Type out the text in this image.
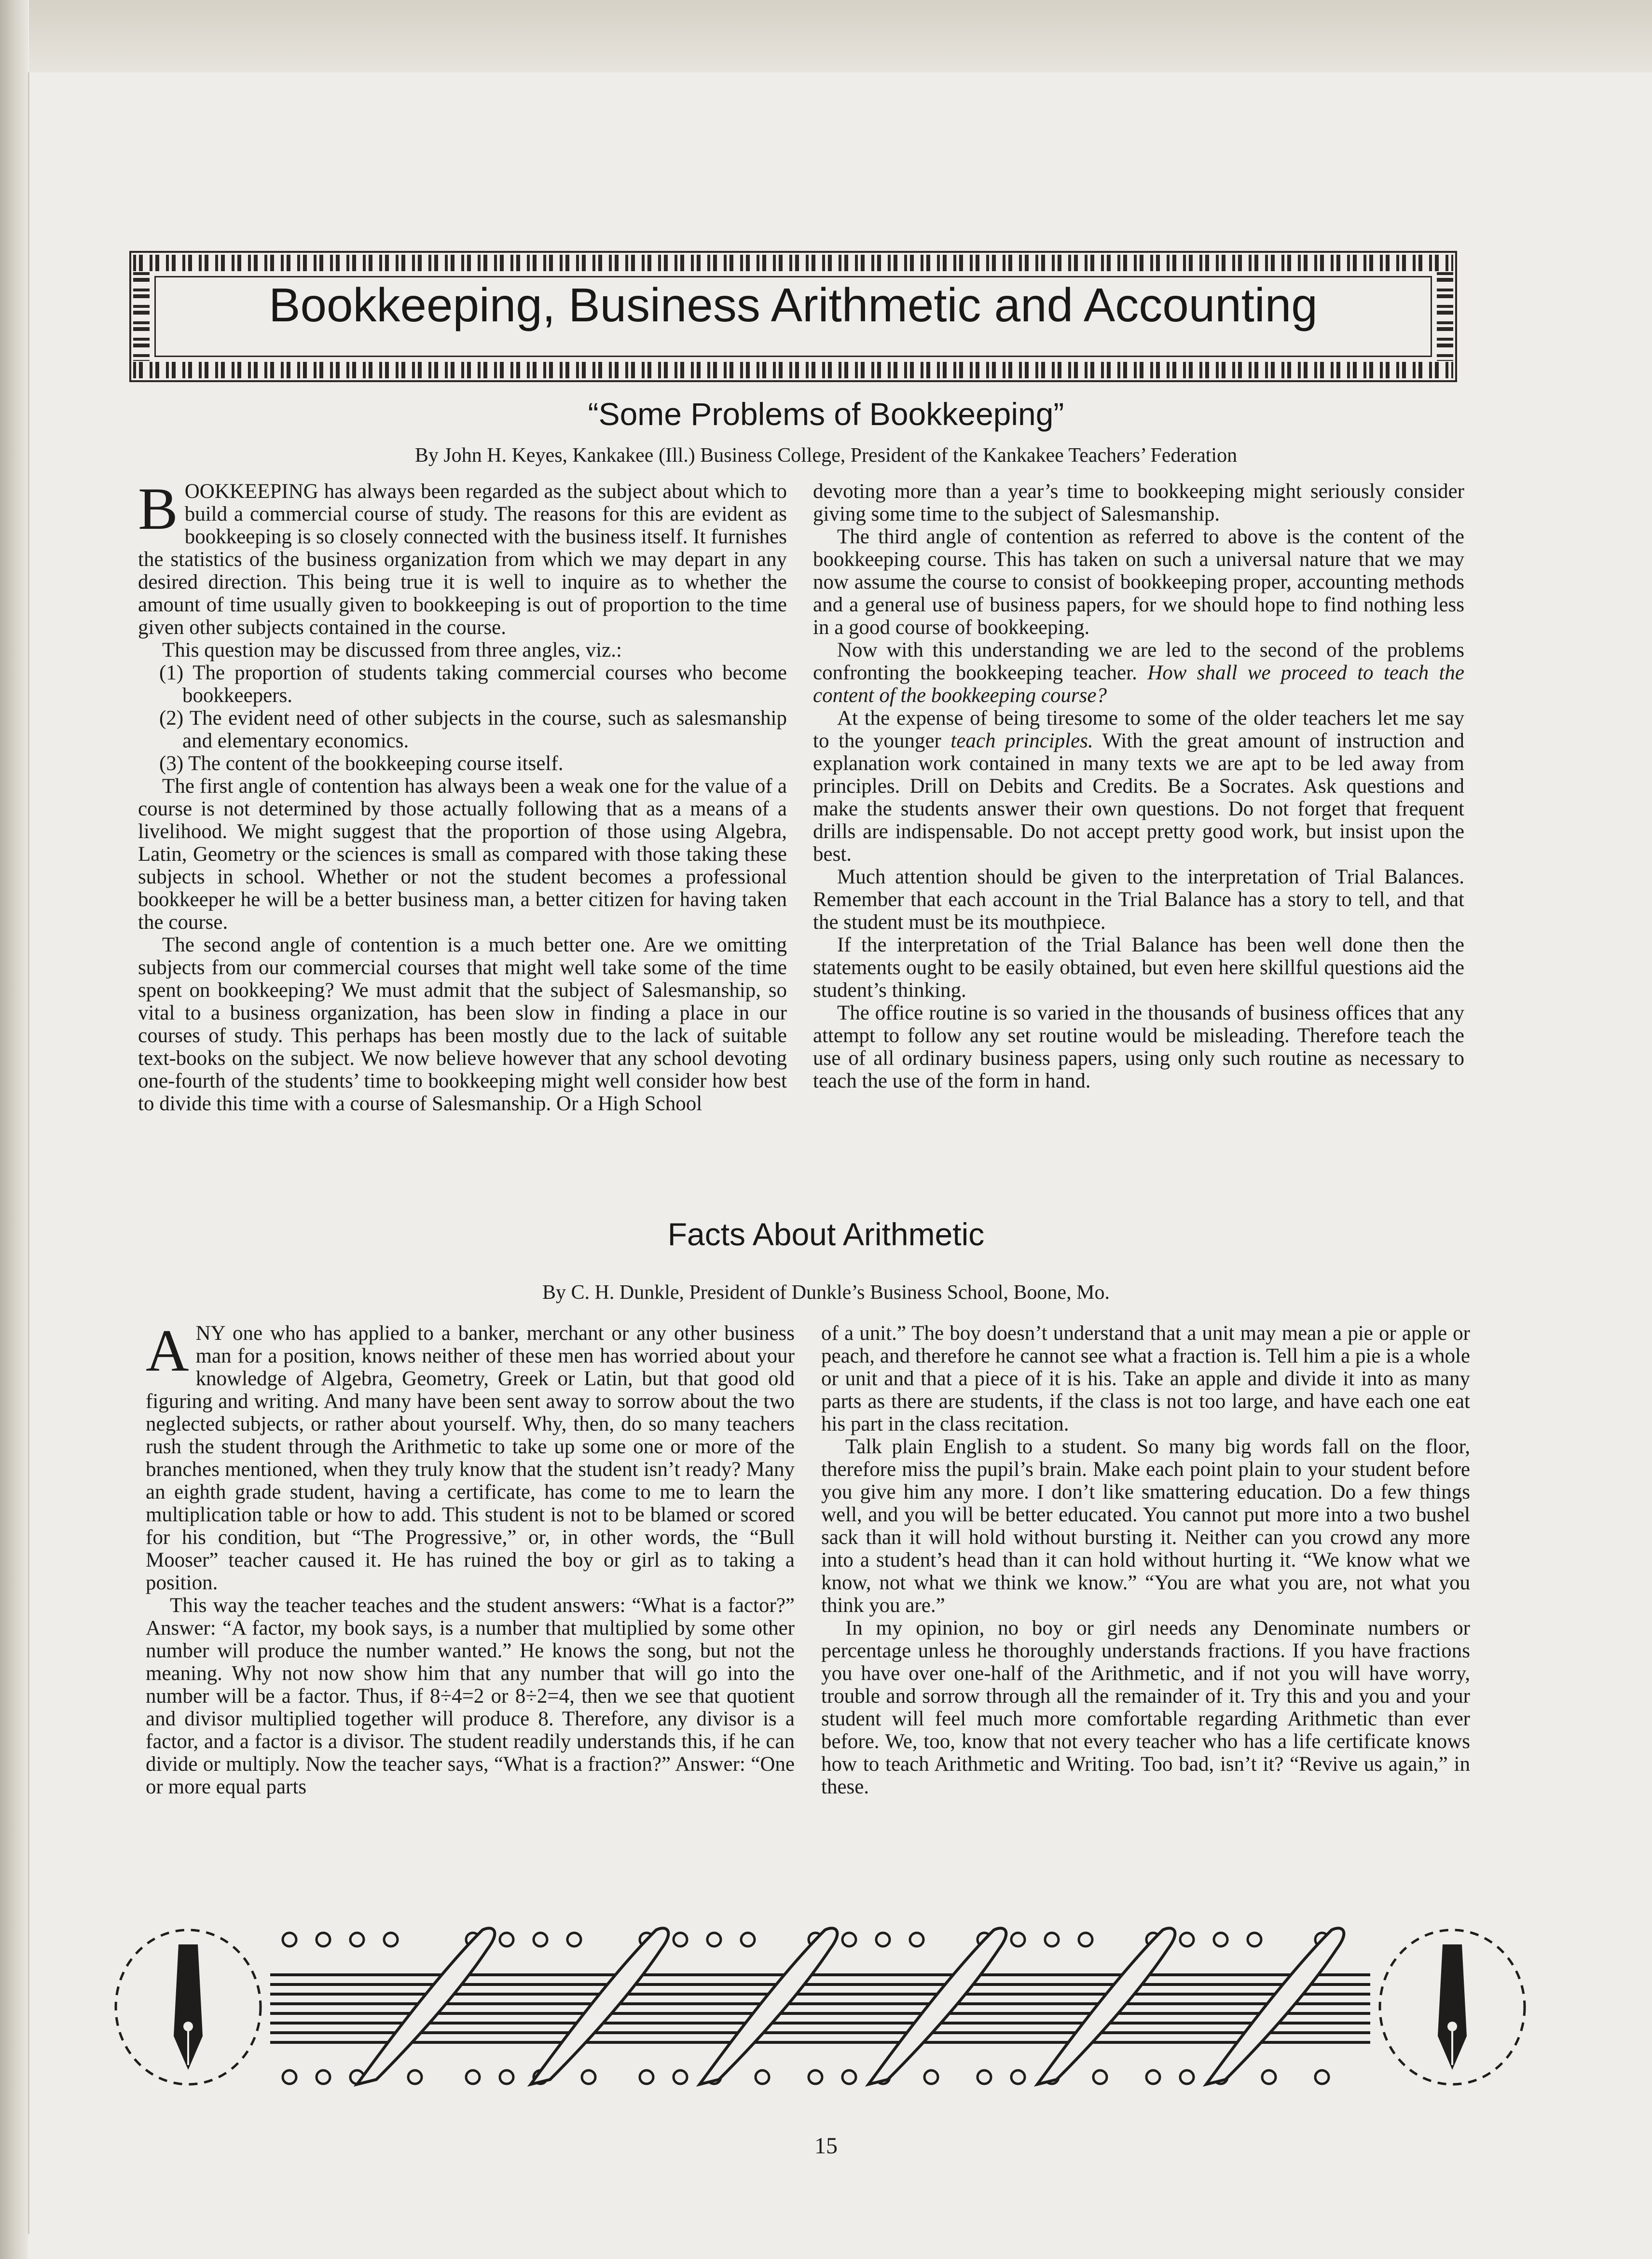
Bookkeeping, Business Arithmetic and Accounting
“Some Problems of Bookkeeping”
By John H. Keyes, Kankakee (Ill.) Business College, President of the Kankakee Teachers’ Federation

BOOKKEEPING has always been regarded as the subject about which to build a commercial course of study. The reasons for this are evident as bookkeeping is so closely connected with the business itself. It furnishes the statistics of the business organization from which we may depart in any desired direction. This being true it is well to inquire as to whether the amount of time usually given to bookkeeping is out of proportion to the time given other subjects contained in the course.

This question may be discussed from three angles, viz.:

(1) The proportion of students taking commercial courses who become bookkeepers.

(2) The evident need of other subjects in the course, such as salesmanship and elementary economics.

(3) The content of the bookkeeping course itself.

The first angle of contention has always been a weak one for the value of a course is not determined by those actually following that as a means of a livelihood. We might suggest that the proportion of those using Algebra, Latin, Geometry or the sciences is small as compared with those taking these subjects in school. Whether or not the student becomes a professional bookkeeper he will be a better business man, a better citizen for having taken the course.

The second angle of contention is a much better one. Are we omitting subjects from our commercial courses that might well take some of the time spent on bookkeeping? We must admit that the subject of Salesmanship, so vital to a business organization, has been slow in finding a place in our courses of study. This perhaps has been mostly due to the lack of suitable text-books on the subject. We now believe however that any school devoting one-fourth of the students’ time to bookkeeping might well consider how best to divide this time with a course of Salesmanship. Or a High School

devoting more than a year’s time to bookkeeping might seriously consider giving some time to the subject of Salesmanship.

The third angle of contention as referred to above is the content of the bookkeeping course. This has taken on such a universal nature that we may now assume the course to consist of bookkeeping proper, accounting methods and a general use of business papers, for we should hope to find nothing less in a good course of bookkeeping.

Now with this understanding we are led to the second of the problems confronting the bookkeeping teacher. How shall we proceed to teach the content of the bookkeeping course?

At the expense of being tiresome to some of the older teachers let me say to the younger teach principles. With the great amount of instruction and explanation work contained in many texts we are apt to be led away from principles. Drill on Debits and Credits. Be a Socrates. Ask questions and make the students answer their own questions. Do not forget that frequent drills are indispensable. Do not accept pretty good work, but insist upon the best.

Much attention should be given to the interpretation of Trial Balances. Remember that each account in the Trial Balance has a story to tell, and that the student must be its mouthpiece.

If the interpretation of the Trial Balance has been well done then the statements ought to be easily obtained, but even here skillful questions aid the student’s thinking.

The office routine is so varied in the thousands of business offices that any attempt to follow any set routine would be misleading. Therefore teach the use of all ordinary business papers, using only such routine as necessary to teach the use of the form in hand.

Facts About Arithmetic
By C. H. Dunkle, President of Dunkle’s Business School, Boone, Mo.

ANY one who has applied to a banker, merchant or any other business man for a position, knows neither of these men has worried about your knowledge of Algebra, Geometry, Greek or Latin, but that good old figuring and writing. And many have been sent away to sorrow about the two neglected subjects, or rather about yourself. Why, then, do so many teachers rush the student through the Arithmetic to take up some one or more of the branches mentioned, when they truly know that the student isn’t ready? Many an eighth grade student, having a certificate, has come to me to learn the multiplication table or how to add. This student is not to be blamed or scored for his condition, but “The Progressive,” or, in other words, the “Bull Mooser” teacher caused it. He has ruined the boy or girl as to taking a position.

This way the teacher teaches and the student answers: “What is a factor?” Answer: “A factor, my book says, is a number that multiplied by some other number will produce the number wanted.” He knows the song, but not the meaning. Why not now show him that any number that will go into the number will be a factor. Thus, if 8÷4=2 or 8÷2=4, then we see that quotient and divisor multiplied together will produce 8. Therefore, any divisor is a factor, and a factor is a divisor. The student readily understands this, if he can divide or multiply. Now the teacher says, “What is a fraction?” Answer: “One or more equal parts

of a unit.” The boy doesn’t understand that a unit may mean a pie or apple or peach, and therefore he cannot see what a fraction is. Tell him a pie is a whole or unit and that a piece of it is his. Take an apple and divide it into as many parts as there are students, if the class is not too large, and have each one eat his part in the class recitation.

Talk plain English to a student. So many big words fall on the floor, therefore miss the pupil’s brain. Make each point plain to your student before you give him any more. I don’t like smattering education. Do a few things well, and you will be better educated. You cannot put more into a two bushel sack than it will hold without bursting it. Neither can you crowd any more into a student’s head than it can hold without hurting it. “We know what we know, not what we think we know.” “You are what you are, not what you think you are.”

In my opinion, no boy or girl needs any Denominate numbers or percentage unless he thoroughly understands fractions. If you have fractions you have over one-half of the Arithmetic, and if not you will have worry, trouble and sorrow through all the remainder of it. Try this and you and your student will feel much more comfortable regarding Arithmetic than ever before. We, too, know that not every teacher who has a life certificate knows how to teach Arithmetic and Writing. Too bad, isn’t it? “Revive us again,” in these.

15
